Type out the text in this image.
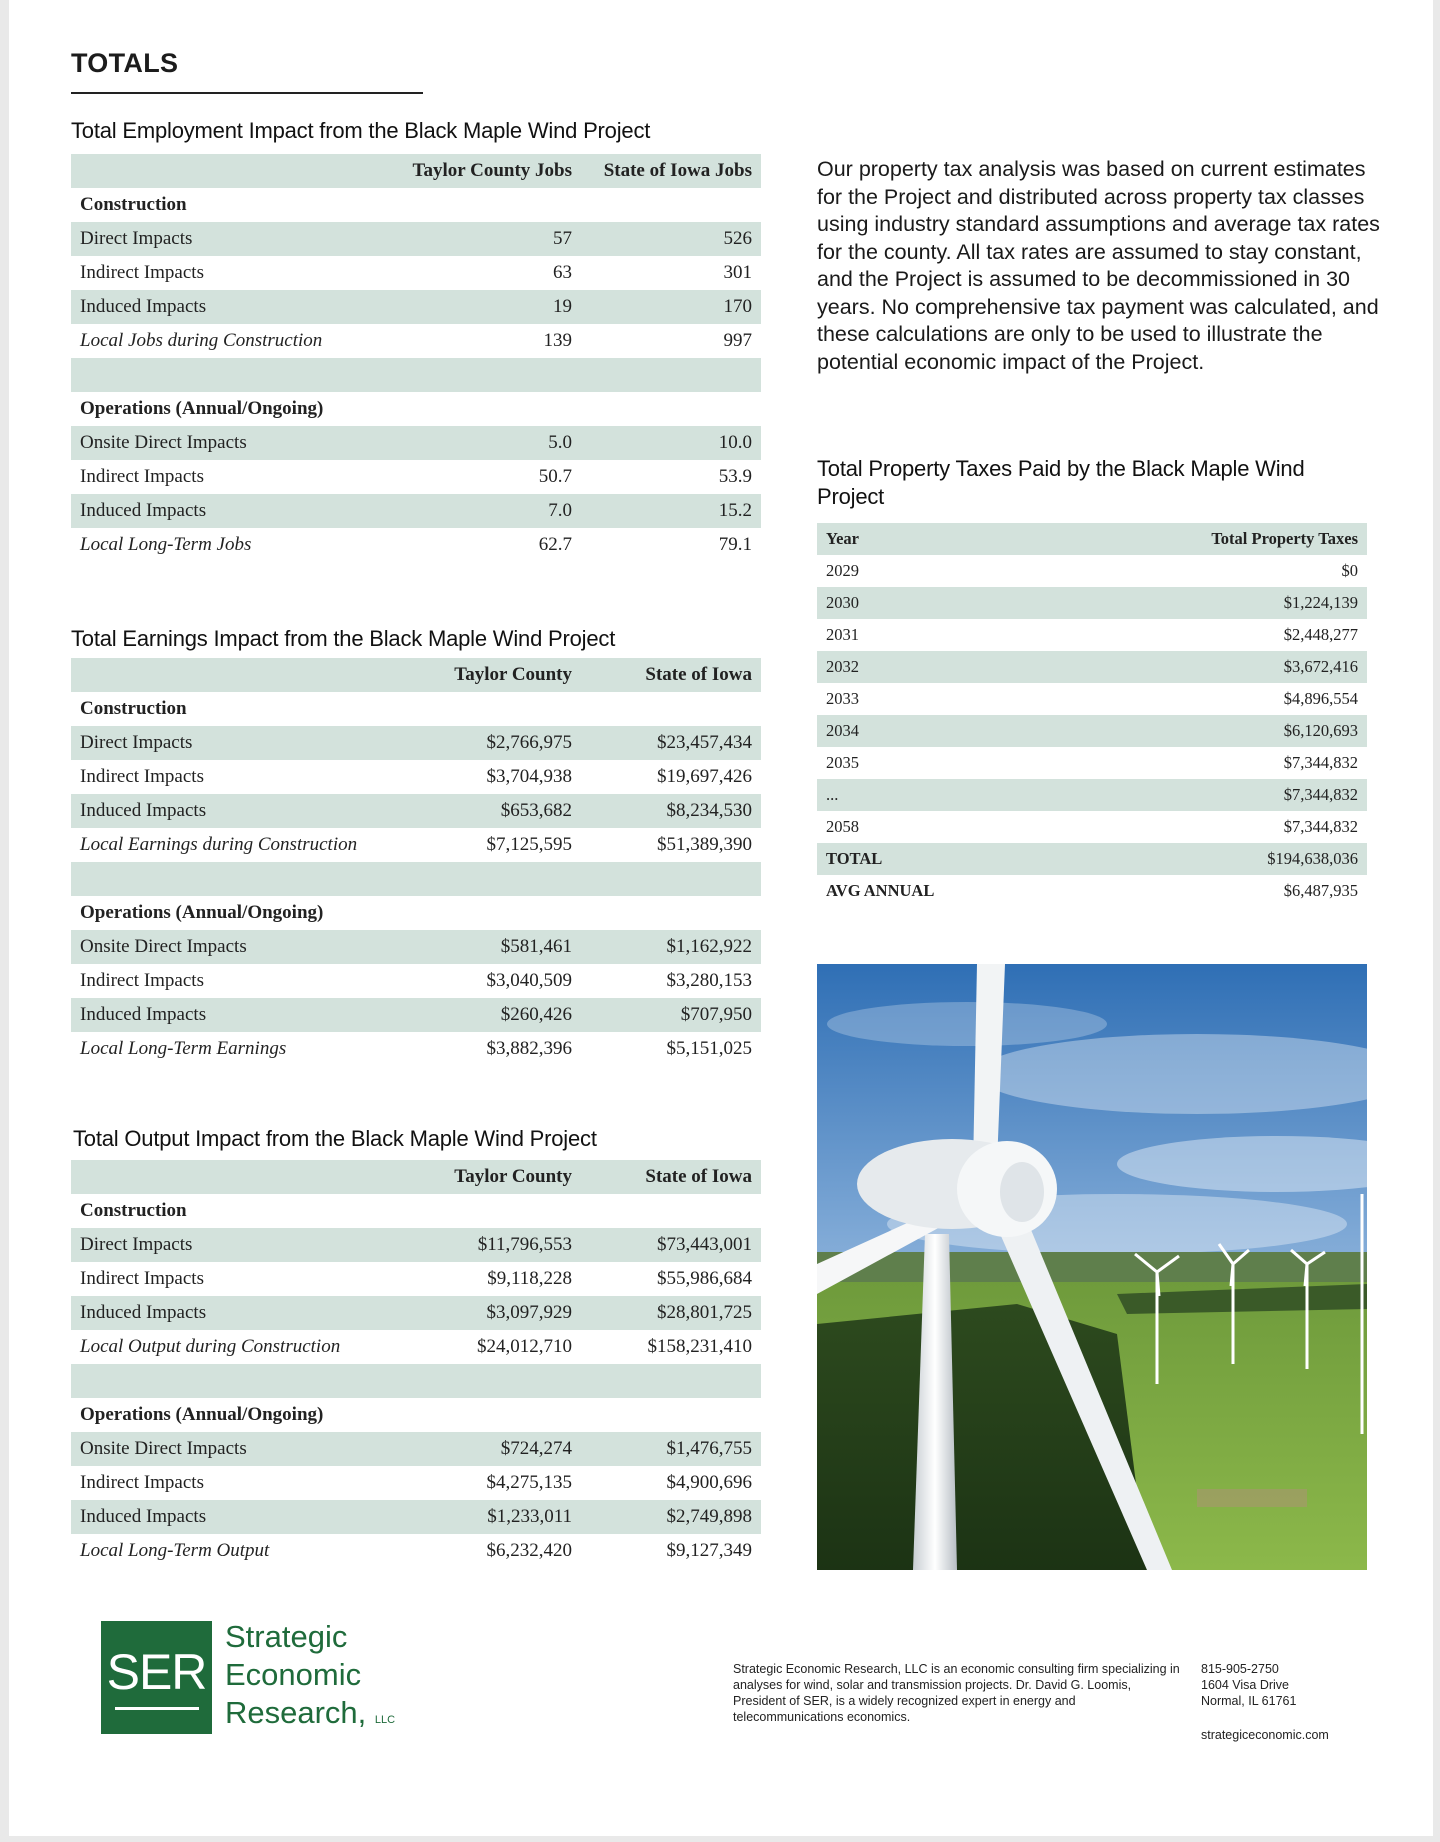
TOTALS
Total Employment Impact from the Black Maple Wind Project
	Taylor County Jobs	State of Iowa Jobs
Construction		
Direct Impacts	57	526
Indirect Impacts	63	301
Induced Impacts	19	170
Local Jobs during Construction	139	997

Operations (Annual/Ongoing)		
Onsite Direct Impacts	5.0	10.0
Indirect Impacts	50.7	53.9
Induced Impacts	7.0	15.2
Local Long-Term Jobs	62.7	79.1
Total Earnings Impact from the Black Maple Wind Project
	Taylor County	State of Iowa
Construction		
Direct Impacts	$2,766,975	$23,457,434
Indirect Impacts	$3,704,938	$19,697,426
Induced Impacts	$653,682	$8,234,530
Local Earnings during Construction	$7,125,595	$51,389,390

Operations (Annual/Ongoing)		
Onsite Direct Impacts	$581,461	$1,162,922
Indirect Impacts	$3,040,509	$3,280,153
Induced Impacts	$260,426	$707,950
Local Long-Term Earnings	$3,882,396	$5,151,025
Total Output Impact from the Black Maple Wind Project
	Taylor County	State of Iowa
Construction		
Direct Impacts	$11,796,553	$73,443,001
Indirect Impacts	$9,118,228	$55,986,684
Induced Impacts	$3,097,929	$28,801,725
Local Output during Construction	$24,012,710	$158,231,410

Operations (Annual/Ongoing)		
Onsite Direct Impacts	$724,274	$1,476,755
Indirect Impacts	$4,275,135	$4,900,696
Induced Impacts	$1,233,011	$2,749,898
Local Long-Term Output	$6,232,420	$9,127,349
Our property tax analysis was based on current estimates for the Project and distributed across property tax classes using industry standard assumptions and average tax rates for the county. All tax rates are assumed to stay constant, and the Project is assumed to be decommissioned in 30 years. No comprehensive tax payment was calculated, and these calculations are only to be used to illustrate the potential economic impact of the Project.
Total Property Taxes Paid by the Black Maple Wind Project
Year	Total Property Taxes
2029	$0
2030	$1,224,139
2031	$2,448,277
2032	$3,672,416
2033	$4,896,554
2034	$6,120,693
2035	$7,344,832
...	$7,344,832
2058	$7,344,832
TOTAL	$194,638,036
AVG ANNUAL	$6,487,935
SER
Strategic
Economic
Research, LLC
Strategic Economic Research, LLC is an economic consulting firm specializing in analyses for wind, solar and transmission projects. Dr. David G. Loomis, President of SER, is a widely recognized expert in energy and telecommunications economics.
815-905-2750
1604 Visa Drive
Normal, IL 61761
strategiceconomic.com
